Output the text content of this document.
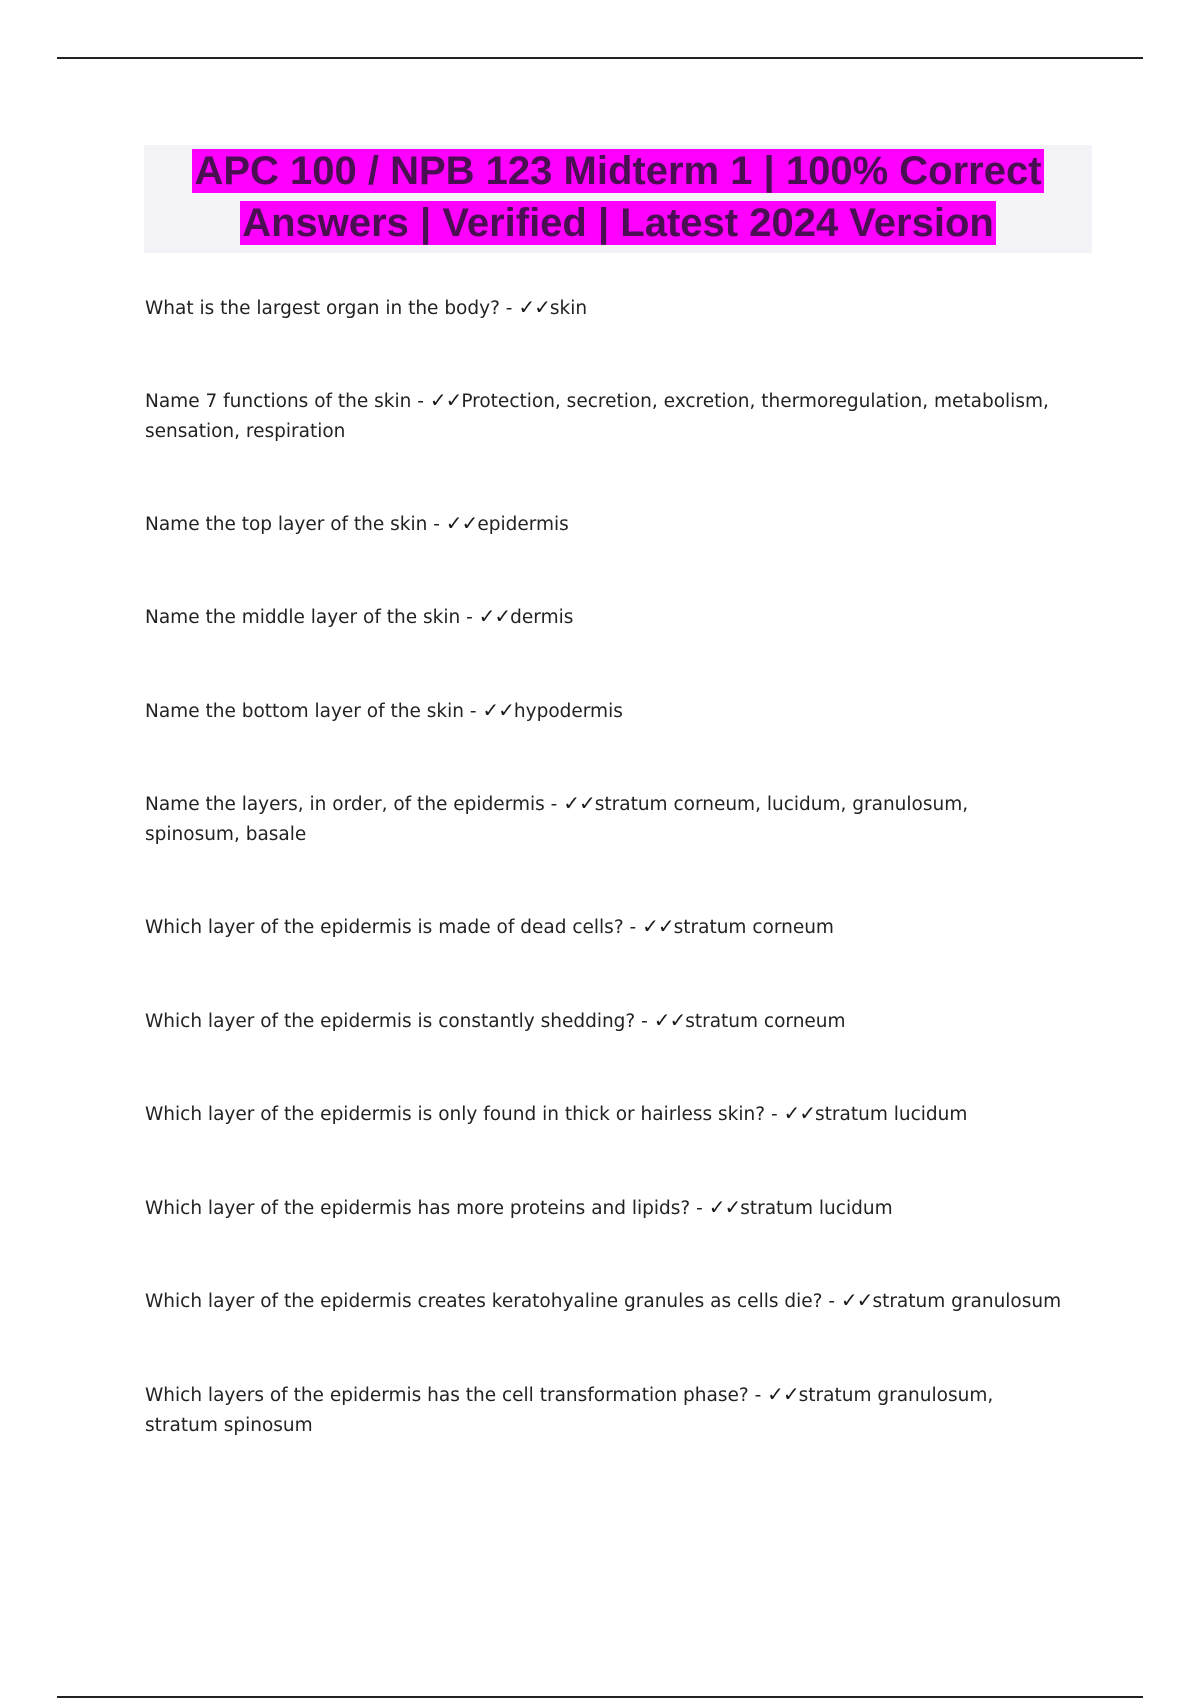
APC 100 / NPB 123 Midterm 1 | 100% Correct Answers | Verified | Latest 2024 Version
What is the largest organ in the body? - ✓✓skin
Name 7 functions of the skin - ✓✓Protection, secretion, excretion, thermoregulation, metabolism, sensation, respiration
Name the top layer of the skin - ✓✓epidermis
Name the middle layer of the skin - ✓✓dermis
Name the bottom layer of the skin - ✓✓hypodermis
Name the layers, in order, of the epidermis - ✓✓stratum corneum, lucidum, granulosum, spinosum, basale
Which layer of the epidermis is made of dead cells? - ✓✓stratum corneum
Which layer of the epidermis is constantly shedding? - ✓✓stratum corneum
Which layer of the epidermis is only found in thick or hairless skin? - ✓✓stratum lucidum
Which layer of the epidermis has more proteins and lipids? - ✓✓stratum lucidum
Which layer of the epidermis creates keratohyaline granules as cells die? - ✓✓stratum granulosum
Which layers of the epidermis has the cell transformation phase? - ✓✓stratum granulosum, stratum spinosum
